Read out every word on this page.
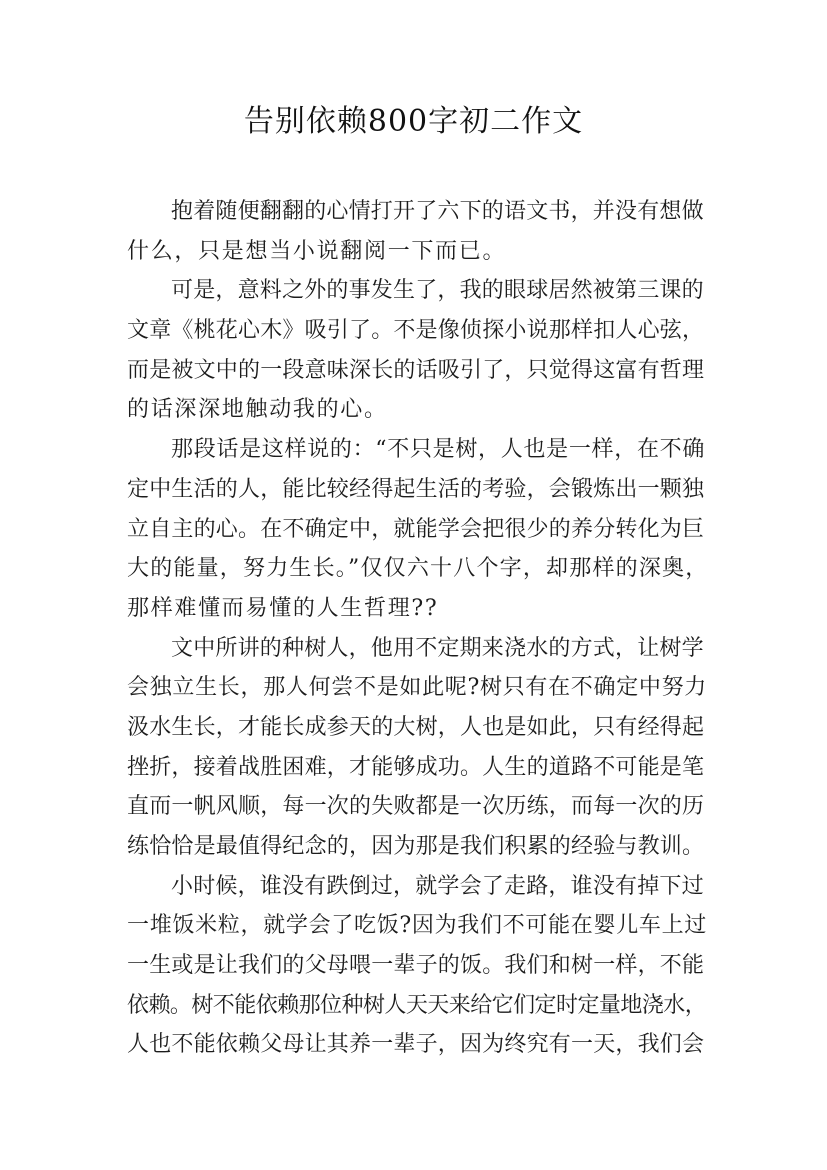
告别依赖800字初二作文
抱着随便翻翻的心情打开了六下的语文书，并没有想做
什么，只是想当小说翻阅一下而已。
可是，意料之外的事发生了，我的眼球居然被第三课的
文章《桃花心木》吸引了。不是像侦探小说那样扣人心弦，
而是被文中的一段意味深长的话吸引了，只觉得这富有哲理
的话深深地触动我的心。
那段话是这样说的：“不只是树，人也是一样，在不确
定中生活的人，能比较经得起生活的考验，会锻炼出一颗独
立自主的心。在不确定中，就能学会把很少的养分转化为巨
大的能量，努力生长。”仅仅六十八个字，却那样的深奥，
那样难懂而易懂的人生哲理??
文中所讲的种树人，他用不定期来浇水的方式，让树学
会独立生长，那人何尝不是如此呢?树只有在不确定中努力
汲水生长，才能长成参天的大树，人也是如此，只有经得起
挫折，接着战胜困难，才能够成功。人生的道路不可能是笔
直而一帆风顺，每一次的失败都是一次历练，而每一次的历
练恰恰是最值得纪念的，因为那是我们积累的经验与教训。
小时候，谁没有跌倒过，就学会了走路，谁没有掉下过
一堆饭米粒，就学会了吃饭?因为我们不可能在婴儿车上过
一生或是让我们的父母喂一辈子的饭。我们和树一样，不能
依赖。树不能依赖那位种树人天天来给它们定时定量地浇水，
人也不能依赖父母让其养一辈子，因为终究有一天，我们会
